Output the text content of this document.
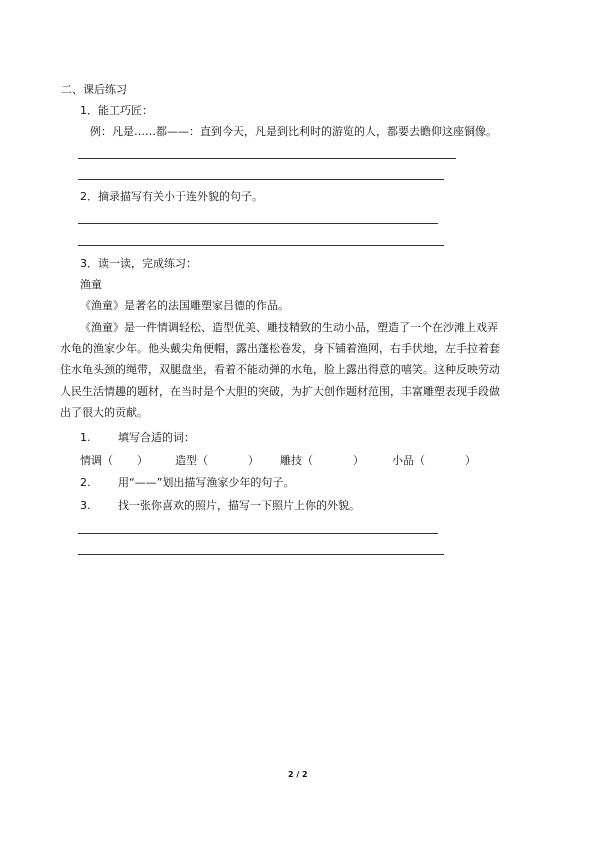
二、课后练习
1．能工巧匠：
例：凡是……都——：直到今天，凡是到比利时的游览的人，都要去瞻仰这座铜像。
2．摘录描写有关小于连外貌的句子。
3．读一读，完成练习：
渔童
《渔童》是著名的法国雕塑家吕德的作品。
《渔童》是一件情调轻松、造型优美、雕技精致的生动小品，塑造了一个在沙滩上戏弄
水龟的渔家少年。他头戴尖角便帽，露出蓬松卷发，身下铺着渔网，右手伏地，左手拉着套
住水龟头颈的绳带，双腿盘坐，看着不能动弹的水龟，脸上露出得意的嘻笑。这种反映劳动
人民生活情趣的题材，在当时是个大胆的突破，为扩大创作题材范围，丰富雕塑表现手段做
出了很大的贡献。
1.	填写合适的词：
情调（ ） 造型（	） 雕技（	）	小品（	）
2.	用“——”划出描写渔家少年的句子。
3.	找一张你喜欢的照片，描写一下照片上你的外貌。
2 / 2
